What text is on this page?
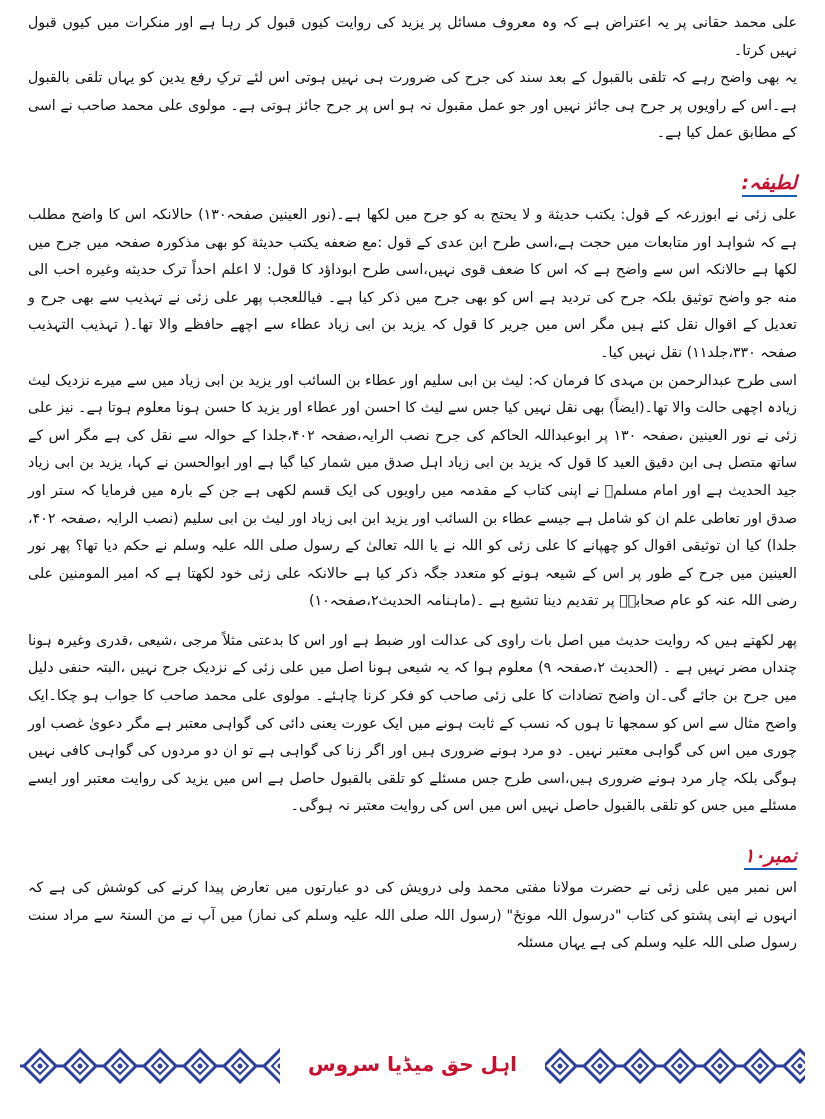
علی محمد حقانی پر یہ اعتراض ہے کہ وہ معروف مسائل پر یزید کی روایت کیوں قبول کر رہا ہے اور منکرات میں کیوں قبول نہیں کرتا۔

یہ بھی واضح رہے کہ تلقی بالقبول کے بعد سند کی جرح کی ضرورت ہی نہیں ہوتی اس لئے ترکِ رفع یدین کو یہاں تلقی بالقبول ہے۔اس کے راویوں پر جرح ہی جائز نہیں اور جو عمل مقبول نہ ہو اس پر جرح جائز ہوتی ہے۔ مولوی علی محمد صاحب نے اسی کے مطابق عمل کیا ہے۔

لطیفہ:

علی زئی نے ابوزرعہ کے قول: يكتب حديثة و لا يحتج به کو جرح میں لکھا ہے۔(نور العینین صفحہ۱۳۰) حالانکہ اس کا واضح مطلب ہے کہ شواہد اور متابعات میں حجت ہے،اسی طرح ابن عدی کے قول :مع ضعفه يكتب حديثة کو بھی مذکورہ صفحہ میں جرح میں لکھا ہے حالانکہ اس سے واضح ہے کہ اس کا ضعف قوی نہیں،اسی طرح ابوداؤد کا قول: لا اعلم احداً ترک حدیثه وغیره احب الی منه جو واضح توثیق بلکہ جرح کی تردید ہے اس کو بھی جرح میں ذکر کیا ہے۔ فیاللعجب پھر علی زئی نے تہذیب سے بھی جرح و تعدیل کے اقوال نقل کئے ہیں مگر اس میں جریر کا قول کہ یزید بن ابی زیاد عطاء سے اچھے حافظے والا تھا۔( تہذیب التہذیب صفحہ ۳۳۰،جلد۱۱) نقل نہیں کیا۔

اسی طرح عبدالرحمن بن مہدی کا فرمان کہ: لیث بن ابی سلیم اور عطاء بن السائب اور یزید بن ابی زیاد میں سے میرے نزدیک لیث زیادہ اچھی حالت والا تھا۔(ایضاً) بھی نقل نہیں کیا جس سے لیث کا احسن اور عطاء اور یزید کا حسن ہونا معلوم ہوتا ہے۔ نیز علی زئی نے نور العینین ،صفحہ ۱۳۰ پر ابوعبداللہ الحاکم کی جرح نصب الرایہ،صفحہ ۴۰۲،جلدا کے حوالہ سے نقل کی ہے مگر اس کے ساتھ متصل ہی ابن دقیق العید کا قول کہ یزید بن ابی زیاد اہل صدق میں شمار کیا گیا ہے اور ابوالحسن نے کہا، یزید بن ابی زیاد جید الحدیث ہے اور امام مسلمؒ نے اپنی کتاب کے مقدمہ میں راویوں کی ایک قسم لکھی ہے جن کے بارہ میں فرمایا کہ ستر اور صدق اور تعاطی علم ان کو شامل ہے جیسے عطاء بن السائب اور یزید ابن ابی زیاد اور لیث بن ابی سلیم (نصب الرایہ ،صفحہ ۴۰۲، جلدا) کیا ان توثیقی اقوال کو چھپانے کا علی زئی کو اللہ نے یا اللہ تعالیٰ کے رسول صلی اللہ علیہ وسلم نے حکم دیا تھا؟ پھر نور العینین میں جرح کے طور پر اس کے شیعہ ہونے کو متعدد جگہ ذکر کیا ہے حالانکہ علی زئی خود لکھتا ہے کہ امیر المومنین علی رضی اللہ عنہ کو عام صحابہؓ پر تقدیم دینا تشیع ہے ۔(ماہنامہ الحدیث۲،صفحہ۱۰)

پھر لکھتے ہیں کہ روایت حدیث میں اصل بات راوی کی عدالت اور ضبط ہے اور اس کا بدعتی مثلاً مرجی ،شیعی ،قدری وغیرہ ہونا چنداں مضر نہیں ہے ۔ (الحدیث ۲،صفحہ ۹) معلوم ہوا کہ یہ شیعی ہونا اصل میں علی زئی کے نزدیک جرح نہیں ،البتہ حنفی دلیل میں جرح بن جائے گی۔ان واضح تضادات کا علی زئی صاحب کو فکر کرنا چاہئے۔ مولوی علی محمد صاحب کا جواب ہو چکا۔ایک واضح مثال سے اس کو سمجھا تا ہوں کہ نسب کے ثابت ہونے میں ایک عورت یعنی دائی کی گواہی معتبر ہے مگر دعویٰ غصب اور چوری میں اس کی گواہی معتبر نہیں۔ دو مرد ہونے ضروری ہیں اور اگر زنا کی گواہی ہے تو ان دو مردوں کی گواہی کافی نہیں ہوگی بلکہ چار مرد ہونے ضروری ہیں،اسی طرح جس مسئلے کو تلقی بالقبول حاصل ہے اس میں یزید کی روایت معتبر اور ایسے مسئلے میں جس کو تلقی بالقبول حاصل نہیں اس میں اس کی روایت معتبر نہ ہوگی۔

نمبر۱۰

اس نمبر میں علی زئی نے حضرت مولانا مفتی محمد ولی درویش کی دو عبارتوں میں تعارض پیدا کرنے کی کوشش کی ہے کہ انہوں نے اپنی پشتو کی کتاب "درسول اللہ مونځ" (رسول اللہ صلی اللہ علیہ وسلم کی نماز) میں آپ نے من السنۃ سے مراد سنت رسول صلی اللہ علیہ وسلم کی ہے یہاں مسئلہ

اہل حق میڈیا سروس
